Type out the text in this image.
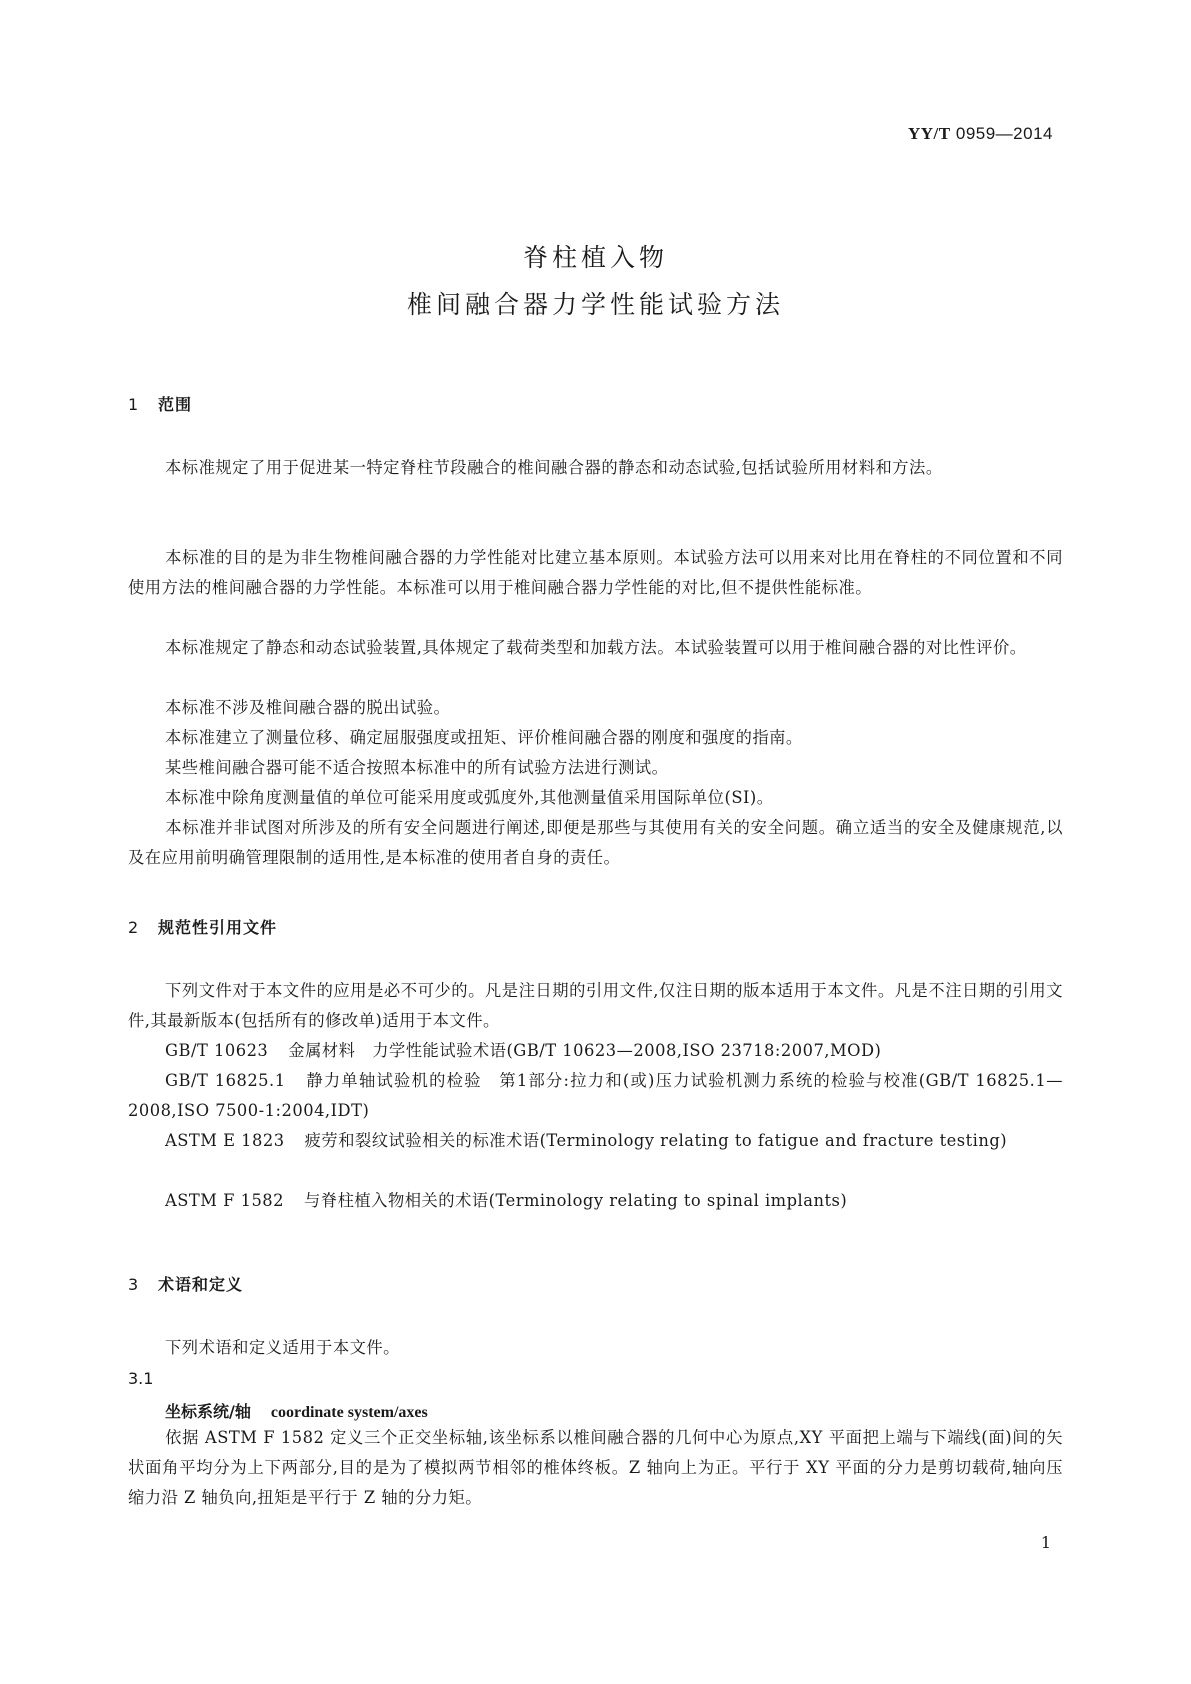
YY/T 0959—2014
脊柱植入物
椎间融合器力学性能试验方法
1 范围
本标准规定了用于促进某一特定脊柱节段融合的椎间融合器的静态和动态试验,包括试验所用材料和方法。
本标准的目的是为非生物椎间融合器的力学性能对比建立基本原则。本试验方法可以用来对比用在脊柱的不同位置和不同使用方法的椎间融合器的力学性能。本标准可以用于椎间融合器力学性能的对比,但不提供性能标准。
本标准规定了静态和动态试验装置,具体规定了载荷类型和加载方法。本试验装置可以用于椎间融合器的对比性评价。
本标准不涉及椎间融合器的脱出试验。
本标准建立了测量位移、确定屈服强度或扭矩、评价椎间融合器的刚度和强度的指南。
某些椎间融合器可能不适合按照本标准中的所有试验方法进行测试。
本标准中除角度测量值的单位可能采用度或弧度外,其他测量值采用国际单位(SI)。
本标准并非试图对所涉及的所有安全问题进行阐述,即便是那些与其使用有关的安全问题。确立适当的安全及健康规范,以及在应用前明确管理限制的适用性,是本标准的使用者自身的责任。
2 规范性引用文件
下列文件对于本文件的应用是必不可少的。凡是注日期的引用文件,仅注日期的版本适用于本文件。凡是不注日期的引用文件,其最新版本(包括所有的修改单)适用于本文件。
GB/T 10623 金属材料　力学性能试验术语(GB/T 10623—2008,ISO 23718:2007,MOD)
GB/T 16825.1 静力单轴试验机的检验　第1部分:拉力和(或)压力试验机测力系统的检验与校准(GB/T 16825.1—2008,ISO 7500-1:2004,IDT)
ASTM E 1823 疲劳和裂纹试验相关的标准术语(Terminology relating to fatigue and fracture testing)
ASTM F 1582 与脊柱植入物相关的术语(Terminology relating to spinal implants)
3 术语和定义
下列术语和定义适用于本文件。
3.1
坐标系统/轴 coordinate system/axes
依据 ASTM F 1582 定义三个正交坐标轴,该坐标系以椎间融合器的几何中心为原点,XY 平面把上端与下端线(面)间的矢状面角平均分为上下两部分,目的是为了模拟两节相邻的椎体终板。Z 轴向上为正。平行于 XY 平面的分力是剪切载荷,轴向压缩力沿 Z 轴负向,扭矩是平行于 Z 轴的分力矩。
1
